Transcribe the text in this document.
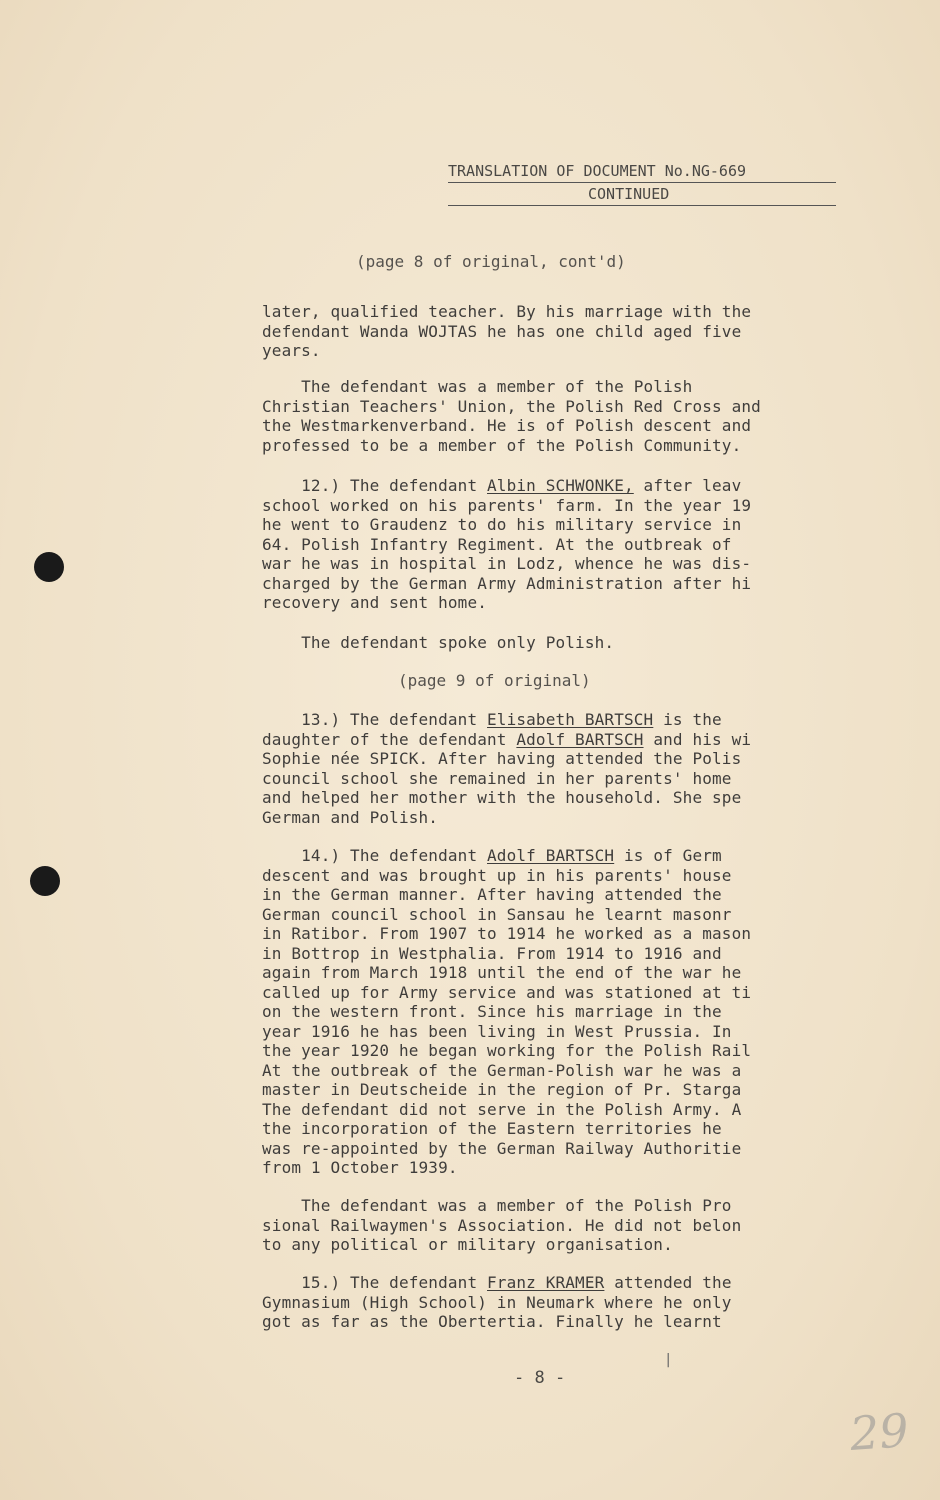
TRANSLATION OF DOCUMENT No.NG-669
CONTINUED
(page 8 of original, cont'd)
later, qualified teacher. By his marriage with the
defendant Wanda WOJTAS he has one child aged five
years.
The defendant was a member of the Polish
Christian Teachers' Union, the Polish Red Cross and
the Westmarkenverband. He is of Polish descent and
professed to be a member of the Polish Community.
12.) The defendant Albin SCHWONKE, after leav
school worked on his parents' farm. In the year 19
he went to Graudenz to do his military service in
64. Polish Infantry Regiment. At the outbreak of
war he was in hospital in Lodz, whence he was dis-
charged by the German Army Administration after hi
recovery and sent home.
The defendant spoke only Polish.
(page 9 of original)
13.) The defendant Elisabeth BARTSCH is the
daughter of the defendant Adolf BARTSCH and his wi
Sophie née SPICK. After having attended the Polis
council school she remained in her parents' home
and helped her mother with the household. She spe
German and Polish.
14.) The defendant Adolf BARTSCH is of Germ
descent and was brought up in his parents' house
in the German manner. After having attended the
German council school in Sansau he learnt masonr
in Ratibor. From 1907 to 1914 he worked as a mason
in Bottrop in Westphalia. From 1914 to 1916 and
again from March 1918 until the end of the war he
called up for Army service and was stationed at ti
on the western front. Since his marriage in the
year 1916 he has been living in West Prussia. In
the year 1920 he began working for the Polish Rail
At the outbreak of the German-Polish war he was a
master in Deutscheide in the region of Pr. Starga
The defendant did not serve in the Polish Army. A
the incorporation of the Eastern territories he
was re-appointed by the German Railway Authoritie
from 1 October 1939.
The defendant was a member of the Polish Pro
sional Railwaymen's Association. He did not belon
to any political or military organisation.
15.) The defendant Franz KRAMER attended the
Gymnasium (High School) in Neumark where he only
got as far as the Obertertia. Finally he learnt
|
- 8 -
29
